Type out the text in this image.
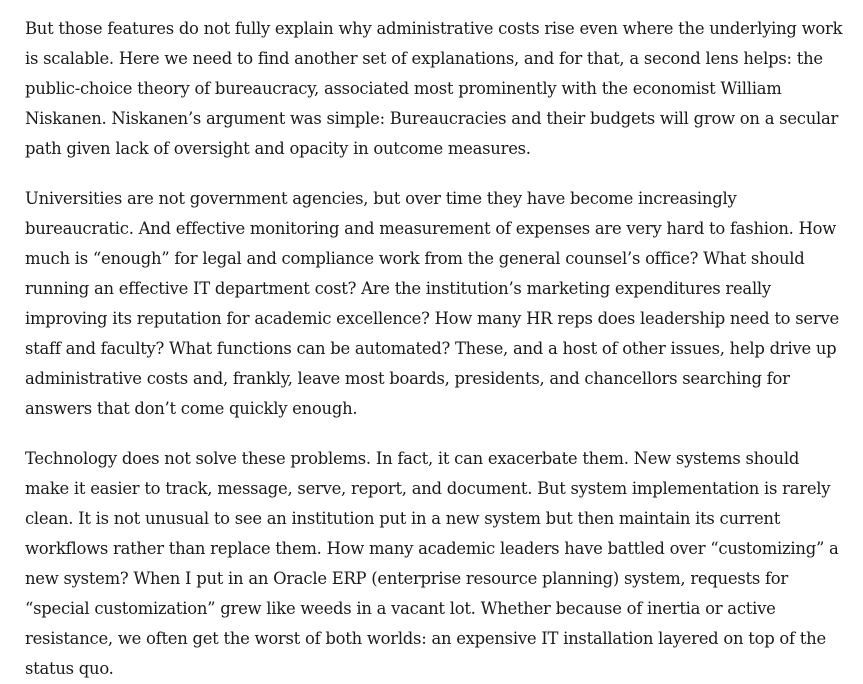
But those features do not fully explain why administrative costs rise even where the underlying work is scalable. Here we need to find another set of explanations, and for that, a second lens helps: the public-choice theory of bureaucracy, associated most prominently with the economist William Niskanen. Niskanen’s argument was simple: Bureaucracies and their budgets will grow on a secular path given lack of oversight and opacity in outcome measures.

Universities are not government agencies, but over time they have become increasingly bureaucratic. And effective monitoring and measurement of expenses are very hard to fashion. How much is “enough” for legal and compliance work from the general counsel’s office? What should running an effective IT department cost? Are the institution’s marketing expenditures really improving its reputation for academic excellence? How many HR reps does leadership need to serve staff and faculty? What functions can be automated? These, and a host of other issues, help drive up administrative costs and, frankly, leave most boards, presidents, and chancellors searching for answers that don’t come quickly enough.

Technology does not solve these problems. In fact, it can exacerbate them. New systems should make it easier to track, message, serve, report, and document. But system implementation is rarely clean. It is not unusual to see an institution put in a new system but then maintain its current workflows rather than replace them. How many academic leaders have battled over “customizing” a new system? When I put in an Oracle ERP (enterprise resource planning) system, requests for “special customization” grew like weeds in a vacant lot. Whether because of inertia or active resistance, we often get the worst of both worlds: an expensive IT installation layered on top of the status quo.
